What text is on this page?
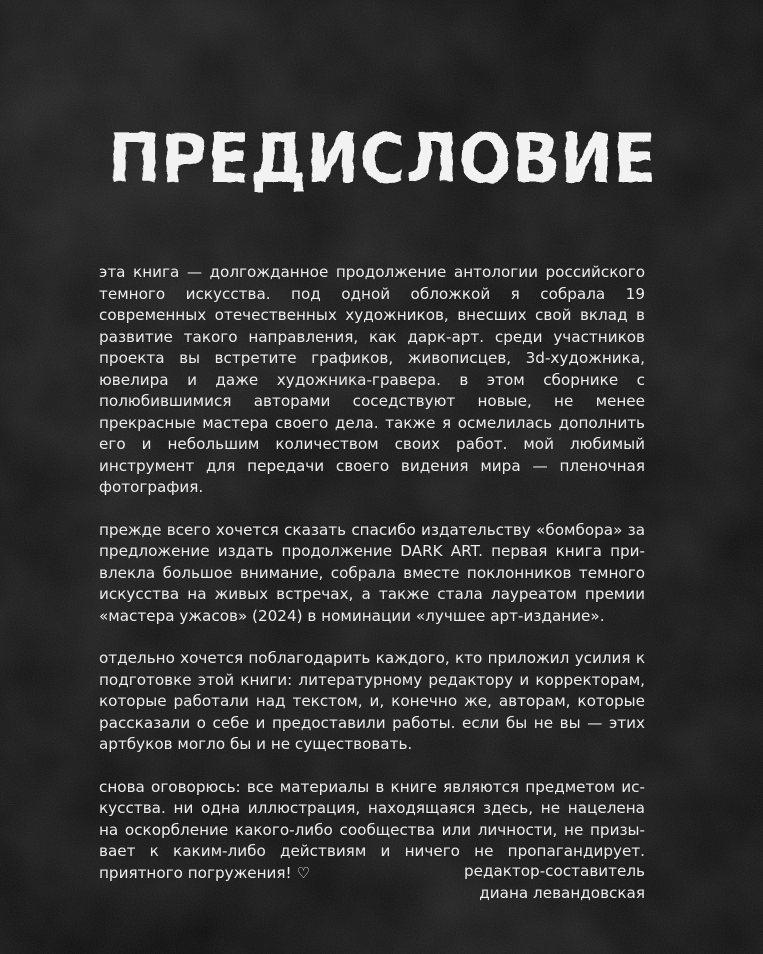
ПРЕДИСЛОВИЕ

эта книга — долгожданное продолжение антологии российского темного искусства. под одной обложкой я собрала 19 современных отечественных художников, внесших свой вклад в развитие такого направления, как дарк-арт. среди участников проекта вы встретите графиков, живописцев, 3d-художника, ювелира и даже художника-гравера. в этом сборнике с полюбившимися авторами соседствуют новые, не менее прекрасные мастера своего дела. также я осмелилась дополнить его и небольшим количеством своих работ. мой любимый инструмент для передачи своего видения мира — пленочная фотография.

прежде всего хочется сказать спасибо издательству «бомбора» за предложение издать продолжение DARK ART. первая книга привлекла большое внимание, собрала вместе поклонников темного искусства на живых встречах, а также стала лауреатом премии «мастера ужасов» (2024) в номинации «лучшее арт-издание».

отдельно хочется поблагодарить каждого, кто приложил усилия к подготовке этой книги: литературному редактору и корректорам, которые работали над текстом, и, конечно же, авторам, которые рассказали о себе и предоставили работы. если бы не вы — этих артбуков могло бы и не существовать.

снова оговорюсь: все материалы в книге являются предметом искусства. ни одна иллюстрация, находящаяся здесь, не нацелена на оскорбление какого-либо сообщества или личности, не призывает к каким-либо действиям и ничего не пропагандирует. приятного погружения! ♡	редактор-составитель
диана левандовская
